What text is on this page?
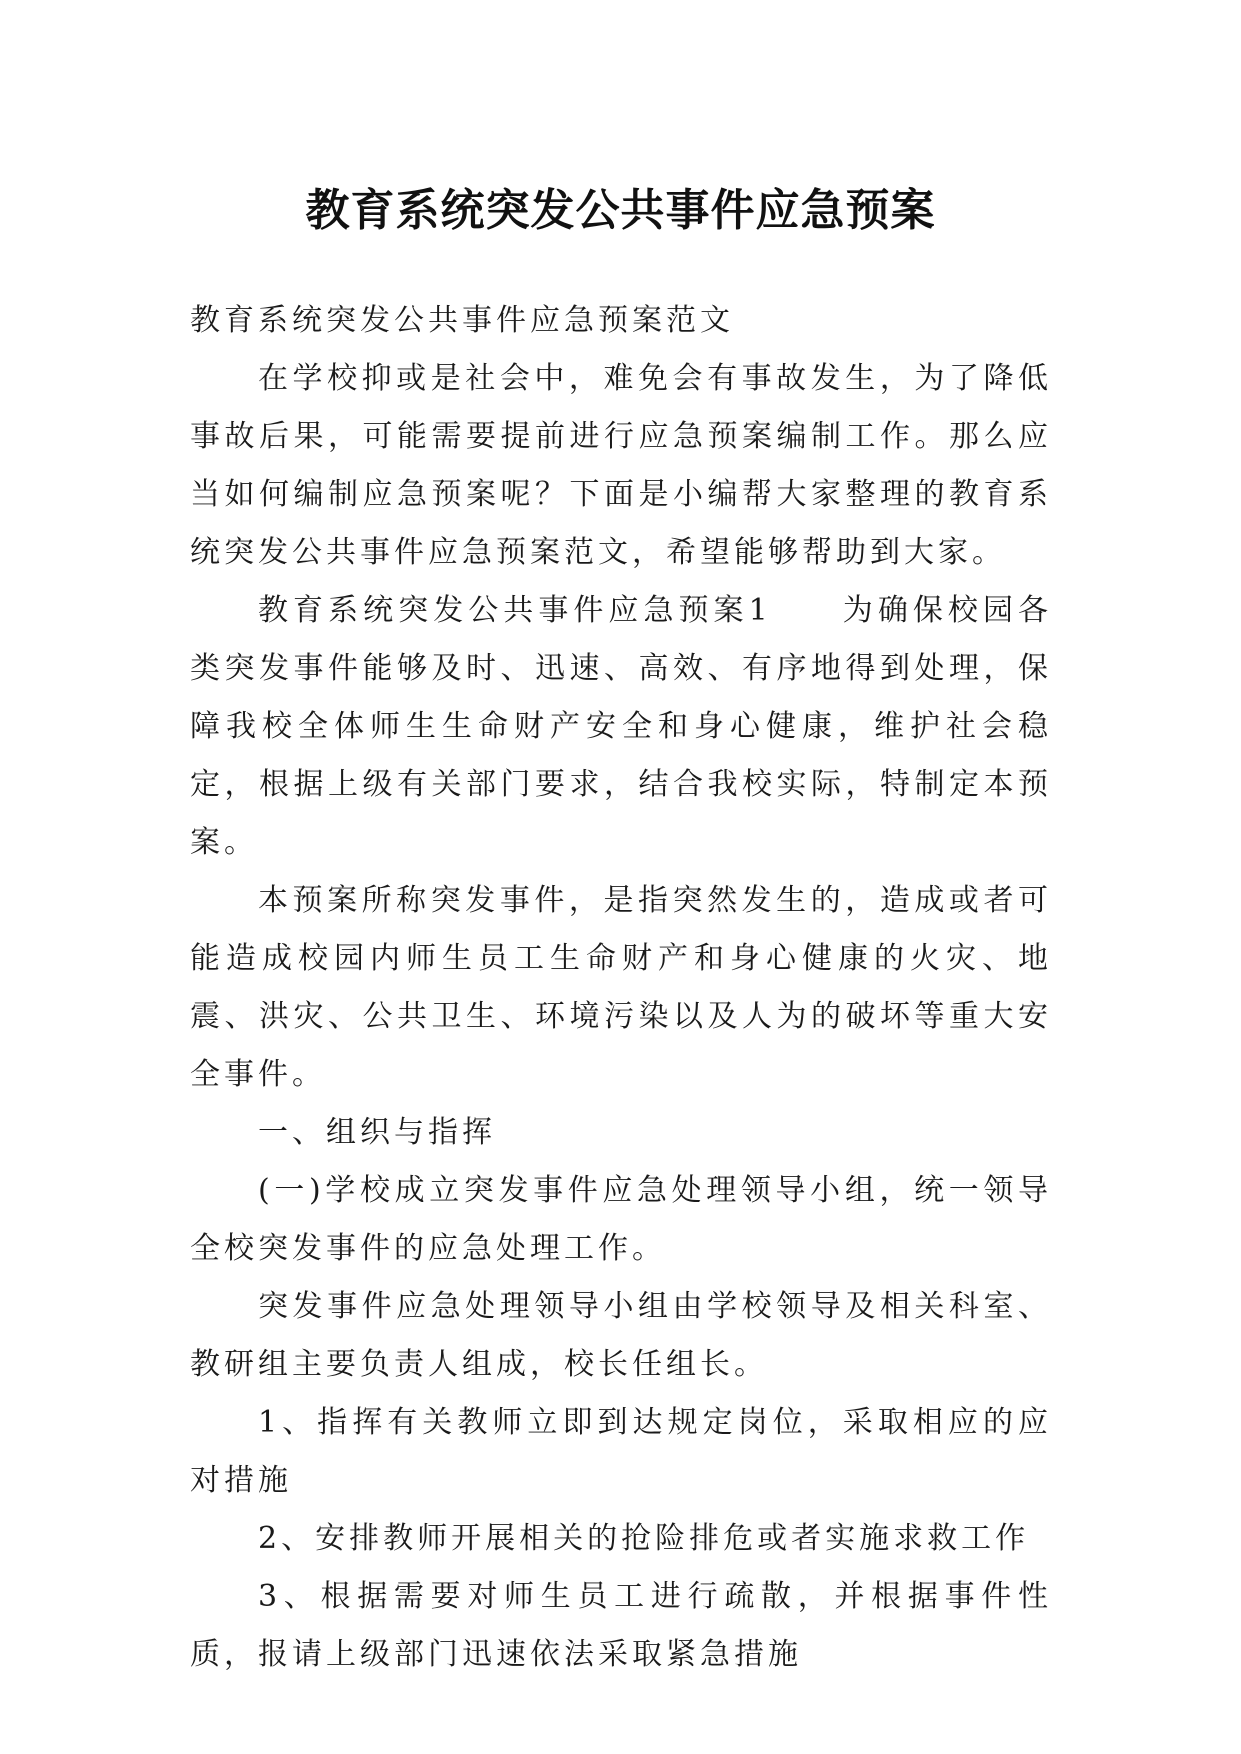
教育系统突发公共事件应急预案

教育系统突发公共事件应急预案范文

在学校抑或是社会中，难免会有事故发生，为了降低事故后果，可能需要提前进行应急预案编制工作。那么应当如何编制应急预案呢？下面是小编帮大家整理的教育系统突发公共事件应急预案范文，希望能够帮助到大家。

教育系统突发公共事件应急预案1　　为确保校园各类突发事件能够及时、迅速、高效、有序地得到处理，保障我校全体师生生命财产安全和身心健康，维护社会稳定，根据上级有关部门要求，结合我校实际，特制定本预案。

本预案所称突发事件，是指突然发生的，造成或者可能造成校园内师生员工生命财产和身心健康的火灾、地震、洪灾、公共卫生、环境污染以及人为的破坏等重大安全事件。

一、组织与指挥

(一)学校成立突发事件应急处理领导小组，统一领导全校突发事件的应急处理工作。

突发事件应急处理领导小组由学校领导及相关科室、教研组主要负责人组成，校长任组长。

1、指挥有关教师立即到达规定岗位，采取相应的应对措施

2、安排教师开展相关的抢险排危或者实施求救工作

3、根据需要对师生员工进行疏散，并根据事件性质，报请上级部门迅速依法采取紧急措施
